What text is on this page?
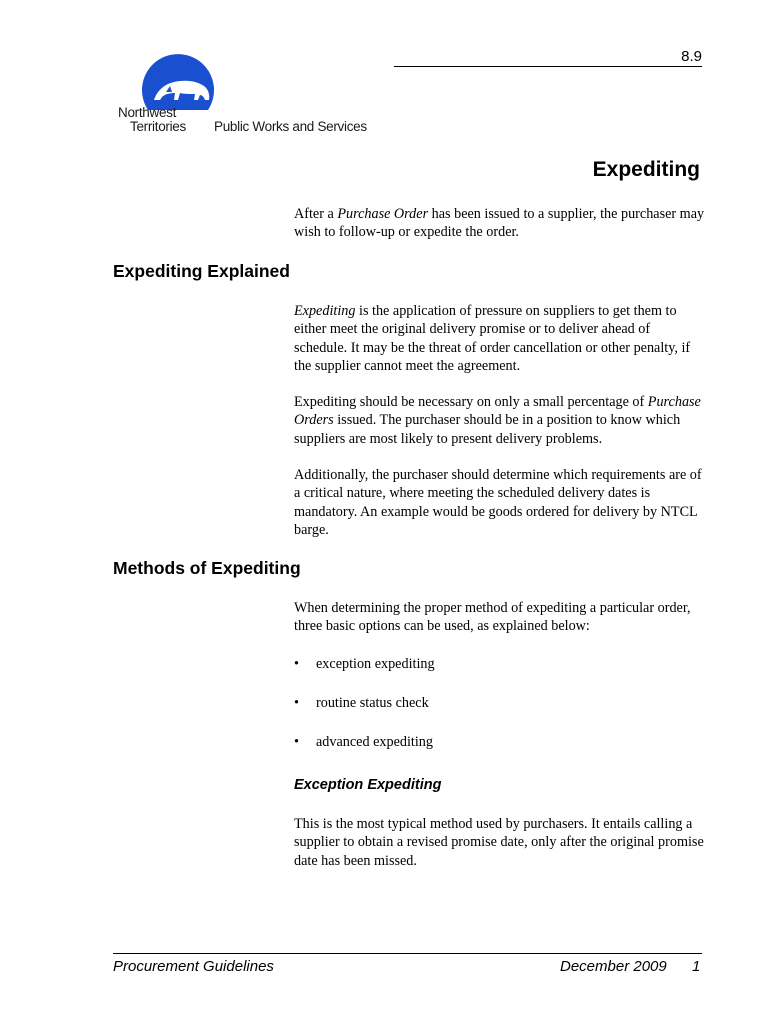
8.9
Northwest
Territories Public Works and Services
Expediting

After a Purchase Order has been issued to a supplier, the purchaser may wish to follow-up or expedite the order.

Expediting Explained

Expediting is the application of pressure on suppliers to get them to either meet the original delivery promise or to deliver ahead of schedule. It may be the threat of order cancellation or other penalty, if the supplier cannot meet the agreement.

Expediting should be necessary on only a small percentage of Purchase Orders issued. The purchaser should be in a position to know which suppliers are most likely to present delivery problems.

Additionally, the purchaser should determine which requirements are of a critical nature, where meeting the scheduled delivery dates is mandatory. An example would be goods ordered for delivery by NTCL barge.

Methods of Expediting

When determining the proper method of expediting a particular order, three basic options can be used, as explained below:

• exception expediting
• routine status check
• advanced expediting
Exception Expediting

This is the most typical method used by purchasers. It entails calling a supplier to obtain a revised promise date, only after the original promise date has been missed.

Procurement Guidelines	December 2009 1
